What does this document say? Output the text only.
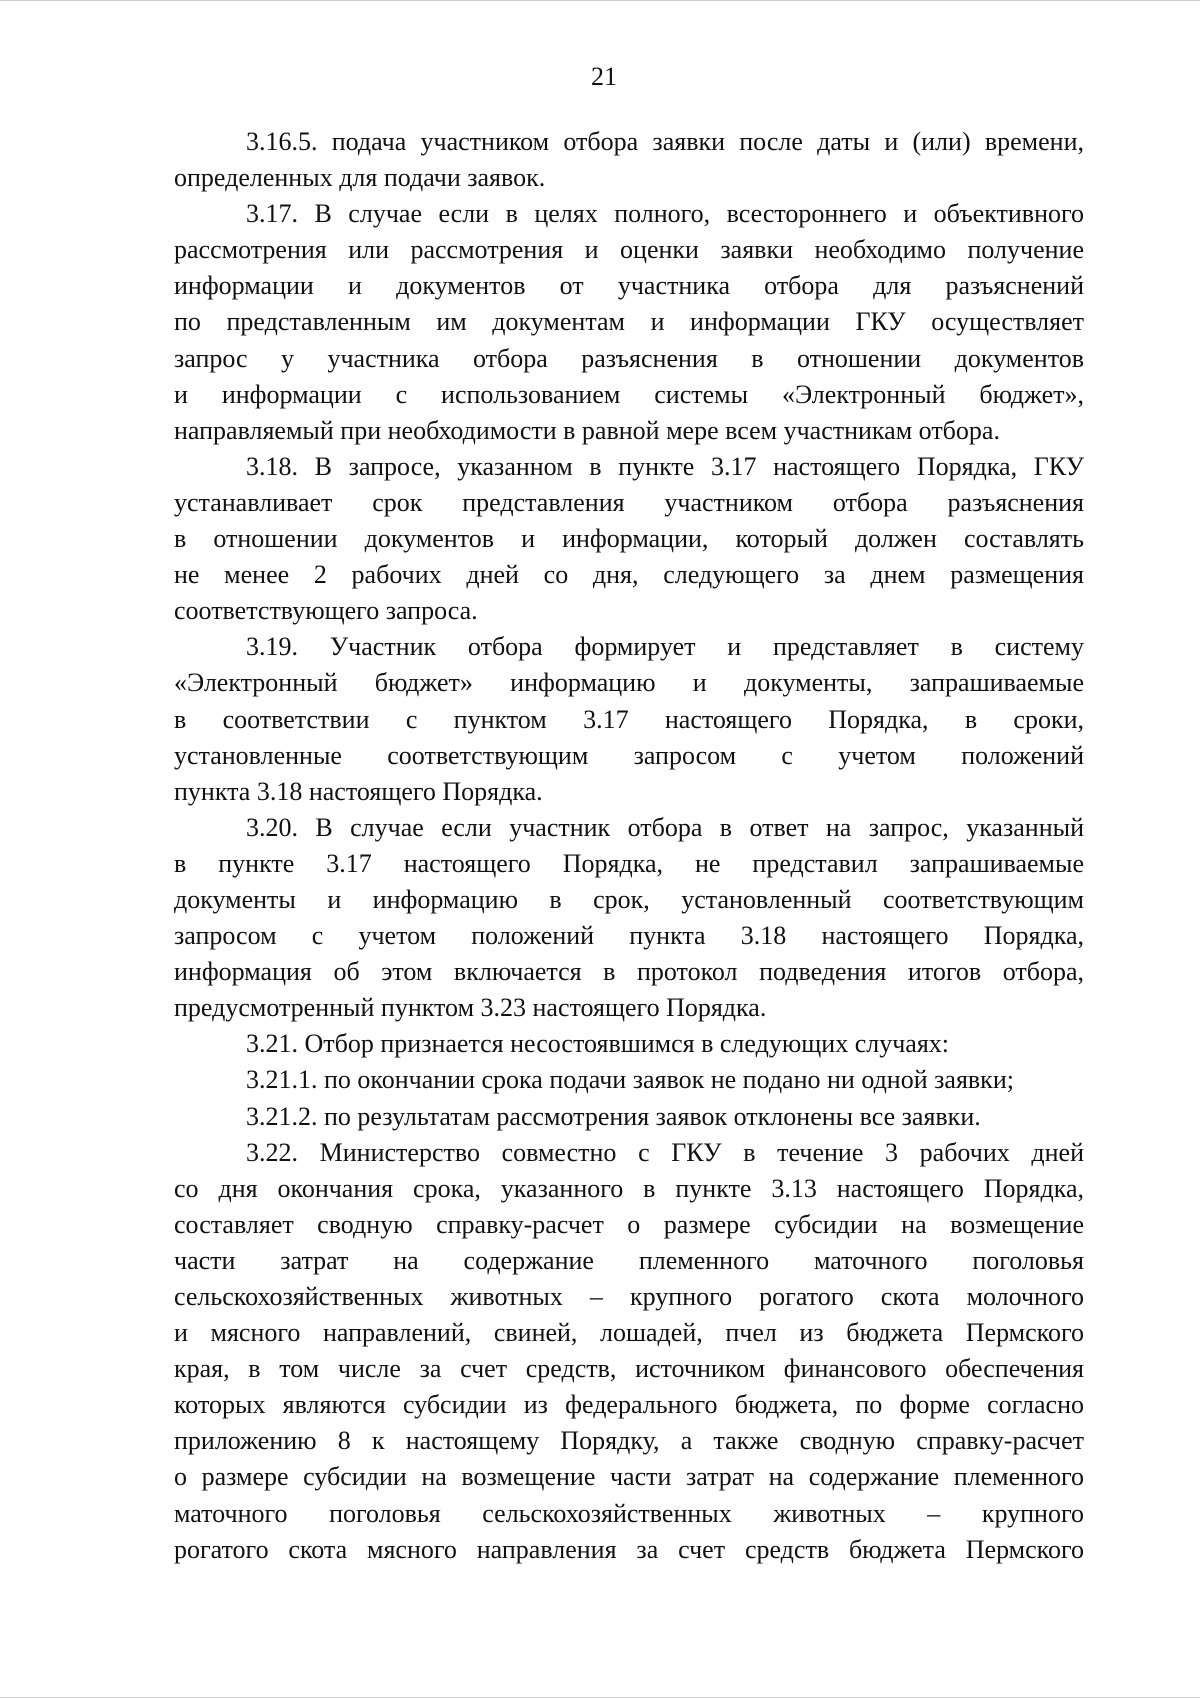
21
3.16.5. подача участником отбора заявки после даты и (или) времени,
определенных для подачи заявок.
3.17. В случае если в целях полного, всестороннего и объективного
рассмотрения или рассмотрения и оценки заявки необходимо получение
информации и документов от участника отбора для разъяснений
по представленным им документам и информации ГКУ осуществляет
запрос у участника отбора разъяснения в отношении документов
и информации с использованием системы «Электронный бюджет»,
направляемый при необходимости в равной мере всем участникам отбора.
3.18. В запросе, указанном в пункте 3.17 настоящего Порядка, ГКУ
устанавливает срок представления участником отбора разъяснения
в отношении документов и информации, который должен составлять
не менее 2 рабочих дней со дня, следующего за днем размещения
соответствующего запроса.
3.19. Участник отбора формирует и представляет в систему
«Электронный бюджет» информацию и документы, запрашиваемые
в соответствии с пунктом 3.17 настоящего Порядка, в сроки,
установленные соответствующим запросом с учетом положений
пункта 3.18 настоящего Порядка.
3.20. В случае если участник отбора в ответ на запрос, указанный
в пункте 3.17 настоящего Порядка, не представил запрашиваемые
документы и информацию в срок, установленный соответствующим
запросом с учетом положений пункта 3.18 настоящего Порядка,
информация об этом включается в протокол подведения итогов отбора,
предусмотренный пунктом 3.23 настоящего Порядка.
3.21. Отбор признается несостоявшимся в следующих случаях:
3.21.1. по окончании срока подачи заявок не подано ни одной заявки;
3.21.2. по результатам рассмотрения заявок отклонены все заявки.
3.22. Министерство совместно с ГКУ в течение 3 рабочих дней
со дня окончания срока, указанного в пункте 3.13 настоящего Порядка,
составляет сводную справку-расчет о размере субсидии на возмещение
части затрат на содержание племенного маточного поголовья
сельскохозяйственных животных – крупного рогатого скота молочного
и мясного направлений, свиней, лошадей, пчел из бюджета Пермского
края, в том числе за счет средств, источником финансового обеспечения
которых являются субсидии из федерального бюджета, по форме согласно
приложению 8 к настоящему Порядку, а также сводную справку-расчет
о размере субсидии на возмещение части затрат на содержание племенного
маточного поголовья сельскохозяйственных животных – крупного
рогатого скота мясного направления за счет средств бюджета Пермского
